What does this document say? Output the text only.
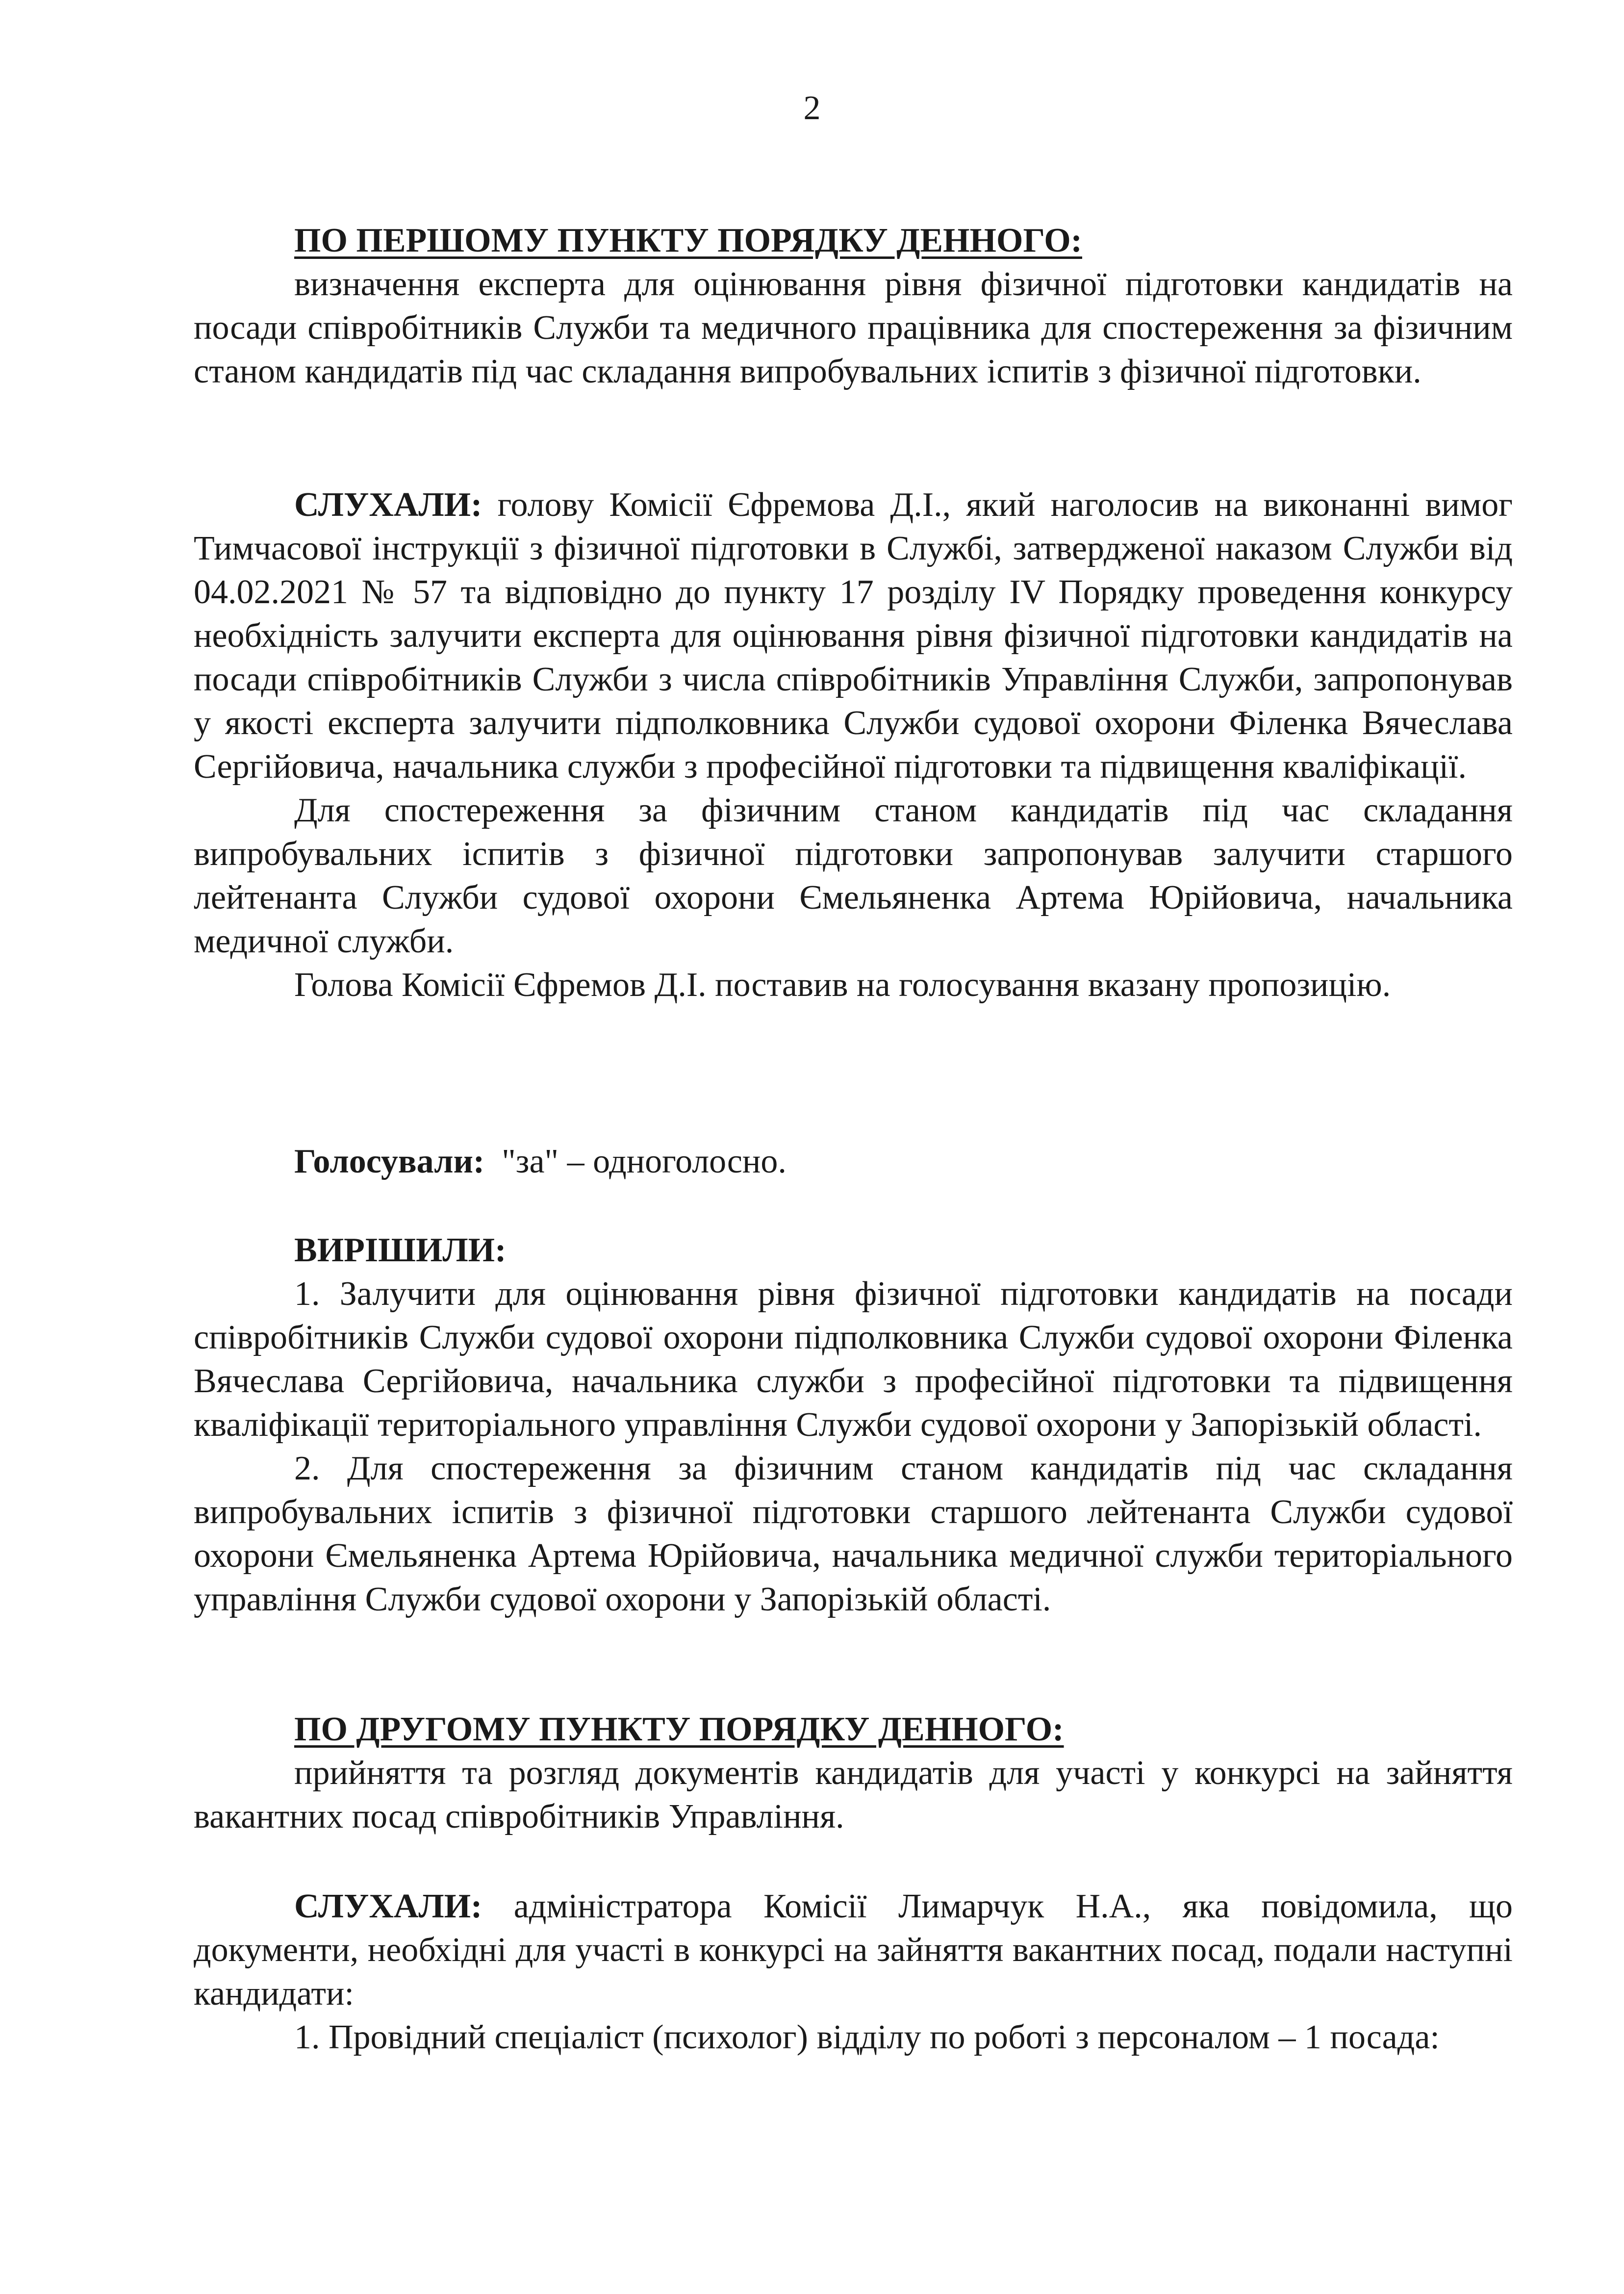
2

ПО ПЕРШОМУ ПУНКТУ ПОРЯДКУ ДЕННОГО:

визначення експерта для оцінювання рівня фізичної підготовки кандидатів на посади співробітників Служби та медичного працівника для спостереження за фізичним станом кандидатів під час складання випробувальних іспитів з фізичної підготовки.

СЛУХАЛИ: голову Комісії Єфремова Д.І., який наголосив на виконанні вимог Тимчасової інструкції з фізичної підготовки в Службі, затвердженої наказом Служби від 04.02.2021 № 57 та відповідно до пункту 17 розділу IV Порядку проведення конкурсу необхідність залучити експерта для оцінювання рівня фізичної підготовки кандидатів на посади співробітників Служби з числа співробітників Управління Служби, запропонував у якості експерта залучити підполковника Служби судової охорони Філенка Вячеслава Сергійовича, начальника служби з професійної підготовки та підвищення кваліфікації.

Для спостереження за фізичним станом кандидатів під час складання випробувальних іспитів з фізичної підготовки запропонував залучити старшого лейтенанта Служби судової охорони Ємельяненка Артема Юрійовича, начальника медичної служби.

Голова Комісії Єфремов Д.І. поставив на голосування вказану пропозицію.

Голосували:  "за" – одноголосно.

ВИРІШИЛИ:

1. Залучити для оцінювання рівня фізичної підготовки кандидатів на посади співробітників Служби судової охорони підполковника Служби судової охорони Філенка Вячеслава Сергійовича, начальника служби з професійної підготовки та підвищення кваліфікації територіального управління Служби судової охорони у Запорізькій області.

2. Для спостереження за фізичним станом кандидатів під час складання випробувальних іспитів з фізичної підготовки старшого лейтенанта Служби судової охорони Ємельяненка Артема Юрійовича, начальника медичної служби територіального управління Служби судової охорони у Запорізькій області.

ПО ДРУГОМУ ПУНКТУ ПОРЯДКУ ДЕННОГО:

прийняття та розгляд документів кандидатів для участі у конкурсі на зайняття вакантних посад співробітників Управління.

СЛУХАЛИ: адміністратора Комісії Лимарчук Н.А., яка повідомила, що документи, необхідні для участі в конкурсі на зайняття вакантних посад, подали наступні кандидати:

1. Провідний спеціаліст (психолог) відділу по роботі з персоналом – 1 посада:
